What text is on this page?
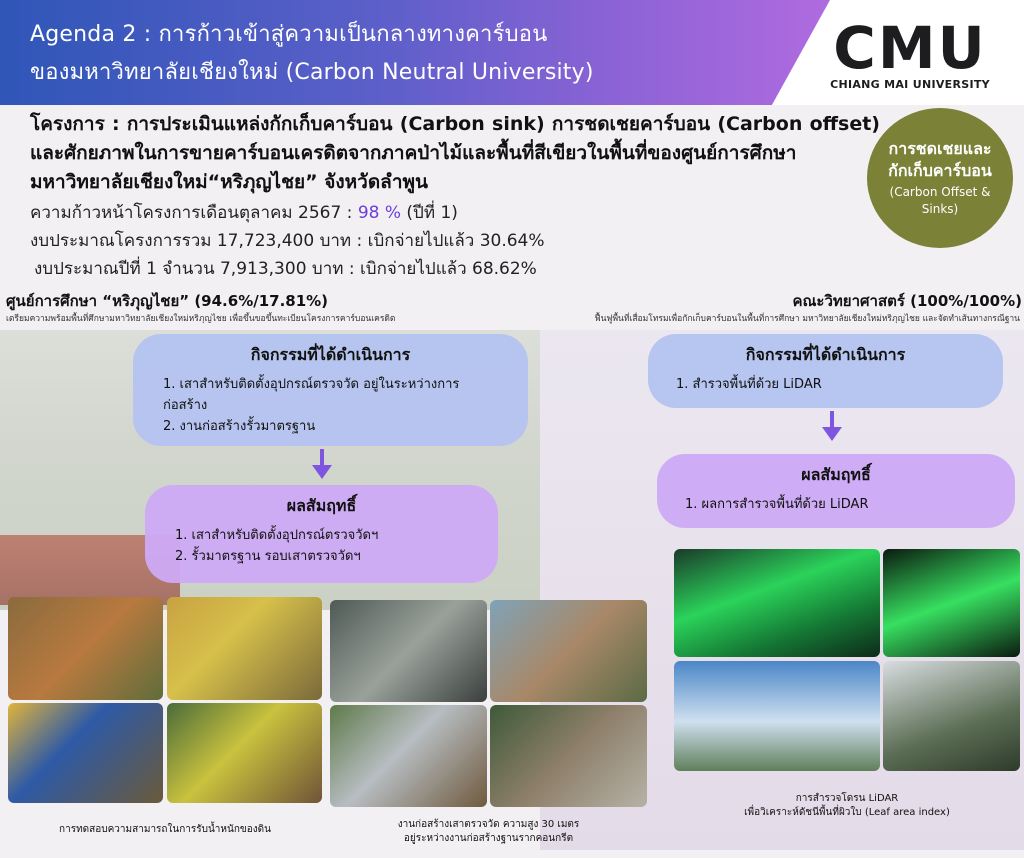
Agenda 2 : การก้าวเข้าสู่ความเป็นกลางทางคาร์บอน
ของมหาวิทยาลัยเชียงใหม่ (Carbon Neutral University)	CMU
CHIANG MAI UNIVERSITY
โครงการ : การประเมินแหล่งกักเก็บคาร์บอน (Carbon sink) การชดเชยคาร์บอน (Carbon offset) และศักยภาพในการขายคาร์บอนเครดิตจากภาคป่าไม้และพื้นที่สีเขียวในพื้นที่ของศูนย์การศึกษามหาวิทยาลัยเชียงใหม่“หริภุญไชย” จังหวัดลำพูน
ความก้าวหน้าโครงการเดือนตุลาคม 2567 : 98 % (ปีที่ 1)
งบประมาณโครงการรวม 17,723,400 บาท : เบิกจ่ายไปแล้ว 30.64%
งบประมาณปีที่ 1 จำนวน 7,913,300 บาท : เบิกจ่ายไปแล้ว 68.62%
การชดเชยและกักเก็บคาร์บอน
(Carbon Offset & Sinks)
ศูนย์การศึกษา “หริภุญไชย” (94.6%/17.81%)
เตรียมความพร้อมพื้นที่ศึกษามหาวิทยาลัยเชียงใหม่หริภุญไชย เพื่อขึ้นขอขึ้นทะเบียนโครงการคาร์บอนเครดิต
กิจกรรมที่ได้ดำเนินการ
1. เสาสำหรับติดตั้งอุปกรณ์ตรวจวัด อยู่ในระหว่างการก่อสร้าง
2. งานก่อสร้างรั้วมาตรฐาน
ผลสัมฤทธิ์
1. เสาสำหรับติดตั้งอุปกรณ์ตรวจวัดฯ
2. รั้วมาตรฐาน รอบเสาตรวจวัดฯ
การทดสอบความสามารถในการรับน้ำหนักของดิน	งานก่อสร้างเสาตรวจวัด ความสูง 30 เมตร
อยู่ระหว่างงานก่อสร้างฐานรากคอนกรีต
คณะวิทยาศาสตร์ (100%/100%)
ฟื้นฟูพื้นที่เสื่อมโทรมเพื่อกักเก็บคาร์บอนในพื้นที่การศึกษา มหาวิทยาลัยเชียงใหม่หริภุญไชย และจัดทำเส้นทางกรณีฐาน
กิจกรรมที่ได้ดำเนินการ
1. สำรวจพื้นที่ด้วย LiDAR
ผลสัมฤทธิ์
1. ผลการสำรวจพื้นที่ด้วย LiDAR
การสำรวจโดรน LiDAR
เพื่อวิเคราะห์ดัชนีพื้นที่ผิวใบ (Leaf area index)
